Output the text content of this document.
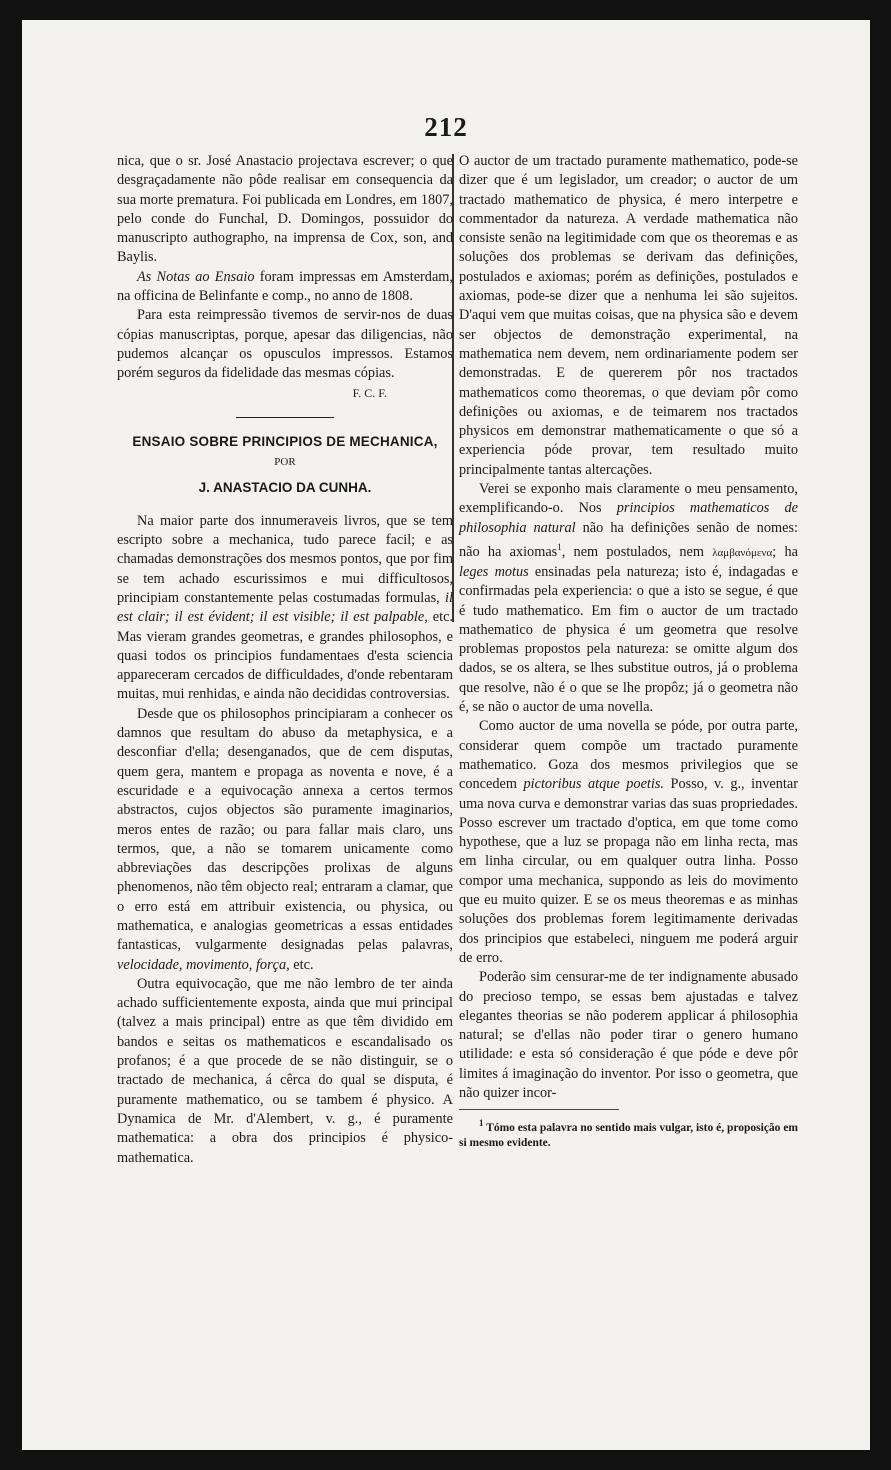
212

nica, que o sr. José Anastacio projectava escrever; o que desgraçadamente não pôde realisar em consequencia da sua morte prematura. Foi publicada em Londres, em 1807, pelo conde do Funchal, D. Domingos, possuidor do manuscripto authographo, na imprensa de Cox, son, and Baylis.

As Notas ao Ensaio foram impressas em Amsterdam, na officina de Belinfante e comp., no anno de 1808.

Para esta reimpressão tivemos de servir-nos de duas cópias manuscriptas, porque, apesar das diligencias, não pudemos alcançar os opusculos impressos. Estamos porém seguros da fidelidade das mesmas cópias.

F. C. F.

ENSAIO SOBRE PRINCIPIOS DE MECHANICA,

POR

J. ANASTACIO DA CUNHA.

Na maior parte dos innumeraveis livros, que se tem escripto sobre a mechanica, tudo parece facil; e as chamadas demonstrações dos mesmos pontos, que por fim se tem achado escurissimos e mui difficultosos, principiam constantemente pelas costumadas formulas, il est clair; il est évident; il est visible; il est palpable, etc. Mas vieram grandes geometras, e grandes philosophos, e quasi todos os principios fundamentaes d'esta sciencia appareceram cercados de difficuldades, d'onde rebentaram muitas, mui renhidas, e ainda não decididas controversias.

Desde que os philosophos principiaram a conhecer os damnos que resultam do abuso da metaphysica, e a desconfiar d'ella; desenganados, que de cem disputas, quem gera, mantem e propaga as noventa e nove, é a escuridade e a equivocação annexa a certos termos abstractos, cujos objectos são puramente imaginarios, meros entes de razão; ou para fallar mais claro, uns termos, que, a não se tomarem unicamente como abbreviações das descripções prolixas de alguns phenomenos, não têm objecto real; entraram a clamar, que o erro está em attribuir existencia, ou physica, ou mathematica, e analogias geometricas a essas entidades fantasticas, vulgarmente designadas pelas palavras, velocidade, movimento, força, etc.

Outra equivocação, que me não lembro de ter ainda achado sufficientemente exposta, ainda que mui principal (talvez a mais principal) entre as que têm dividido em bandos e seitas os mathematicos e escandalisado os profanos; é a que procede de se não distinguir, se o tractado de mechanica, á cêrca do qual se disputa, é puramente mathematico, ou se tambem é physico. A Dynamica de Mr. d'Alembert, v. g., é puramente mathematica: a obra dos principios é physico-mathematica.

O auctor de um tractado puramente mathematico, pode-se dizer que é um legislador, um creador; o auctor de um tractado mathematico de physica, é mero interpetre e commentador da natureza. A verdade mathematica não consiste senão na legitimidade com que os theoremas e as soluções dos problemas se derivam das definições, postulados e axiomas; porém as definições, postulados e axiomas, pode-se dizer que a nenhuma lei são sujeitos. D'aqui vem que muitas coisas, que na physica são e devem ser objectos de demonstração experimental, na mathematica nem devem, nem ordinariamente podem ser demonstradas. E de quererem pôr nos tractados mathematicos como theoremas, o que deviam pôr como definições ou axiomas, e de teimarem nos tractados physicos em demonstrar mathematicamente o que só a experiencia póde provar, tem resultado muito principalmente tantas altercações.

Verei se exponho mais claramente o meu pensamento, exemplificando-o. Nos principios mathematicos de philosophia natural não ha definições senão de nomes: não ha axiomas$^1$, nem postulados, nem λαμβανόμενα; ha leges motus ensinadas pela natureza; isto é, indagadas e confirmadas pela experiencia: o que a isto se segue, é que é tudo mathematico. Em fim o auctor de um tractado mathematico de physica é um geometra que resolve problemas propostos pela natureza: se omitte algum dos dados, se os altera, se lhes substitue outros, já o problema que resolve, não é o que se lhe propôz; já o geometra não é, se não o auctor de uma novella.

Como auctor de uma novella se póde, por outra parte, considerar quem compõe um tractado puramente mathematico. Goza dos mesmos privilegios que se concedem pictoribus atque poetis. Posso, v. g., inventar uma nova curva e demonstrar varias das suas propriedades. Posso escrever um tractado d'optica, em que tome como hypothese, que a luz se propaga não em linha recta, mas em linha circular, ou em qualquer outra linha. Posso compor uma mechanica, suppondo as leis do movimento que eu muito quizer. E se os meus theoremas e as minhas soluções dos problemas forem legitimamente derivadas dos principios que estabeleci, ninguem me poderá arguir de erro.

Poderão sim censurar-me de ter indignamente abusado do precioso tempo, se essas bem ajustadas e talvez elegantes theorias se não poderem applicar á philosophia natural; se d'ellas não poder tirar o genero humano utilidade: e esta só consideração é que póde e deve pôr limites á imaginação do inventor. Por isso o geometra, que não quizer incor-

$^1$ Tómo esta palavra no sentido mais vulgar, isto é, proposição em si mesmo evidente.
